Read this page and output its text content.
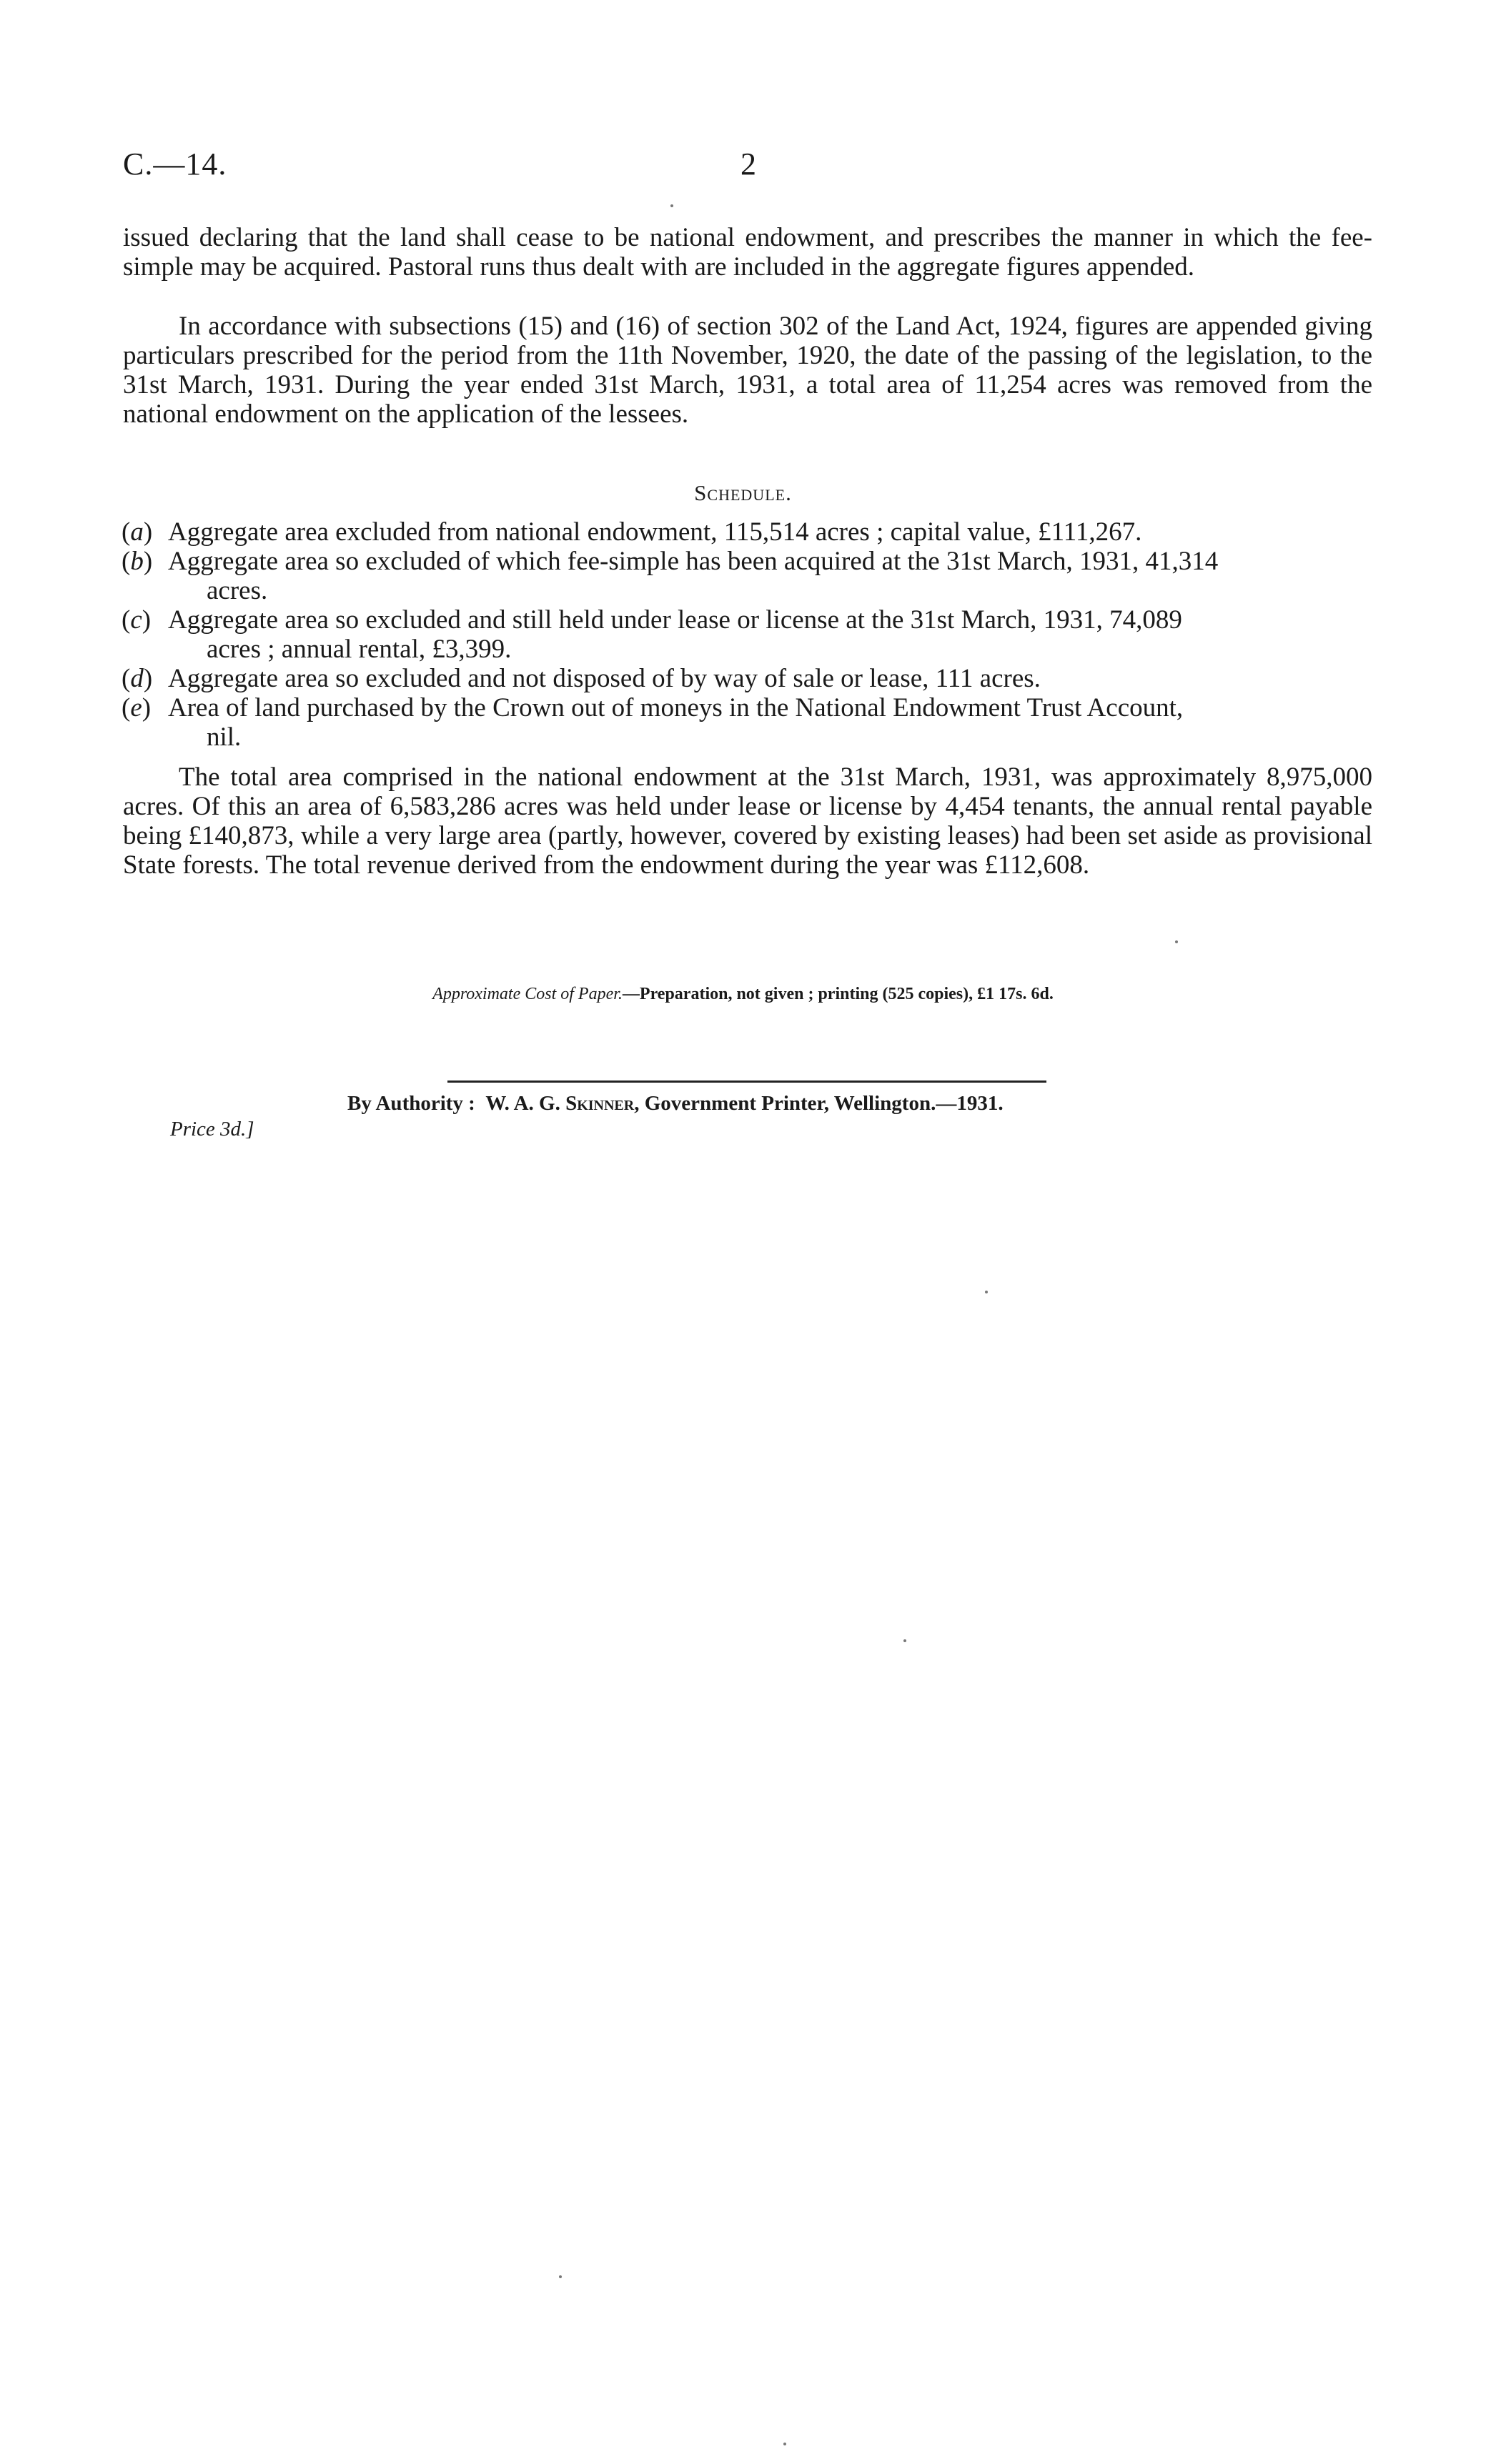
C.—14.	2

issued declaring that the land shall cease to be national endowment, and prescribes the manner in which the fee-simple may be acquired. Pastoral runs thus dealt with are included in the aggregate figures appended.

In accordance with subsections (15) and (16) of section 302 of the Land Act, 1924, figures are appended giving particulars prescribed for the period from the 11th November, 1920, the date of the passing of the legislation, to the 31st March, 1931. During the year ended 31st March, 1931, a total area of 11,254 acres was removed from the national endowment on the application of the lessees.

Schedule.
(a) Aggregate area excluded from national endowment, 115,514 acres ; capital value, £111,267.
(b) Aggregate area so excluded of which fee-simple has been acquired at the 31st March, 1931, 41,314
acres.
(c) Aggregate area so excluded and still held under lease or license at the 31st March, 1931, 74,089
acres ; annual rental, £3,399.
(d) Aggregate area so excluded and not disposed of by way of sale or lease, 111 acres.
(e) Area of land purchased by the Crown out of moneys in the National Endowment Trust Account,
nil.

The total area comprised in the national endowment at the 31st March, 1931, was approximately 8,975,000 acres. Of this an area of 6,583,286 acres was held under lease or license by 4,454 tenants, the annual rental payable being £140,873, while a very large area (partly, however, covered by existing leases) had been set aside as provisional State forests. The total revenue derived from the endowment during the year was £112,608.

Approximate Cost of Paper.—Preparation, not given ; printing (525 copies), £1 17s. 6d.
By Authority : W. A. G. Skinner, Government Printer, Wellington.—1931.
Price 3d.]
